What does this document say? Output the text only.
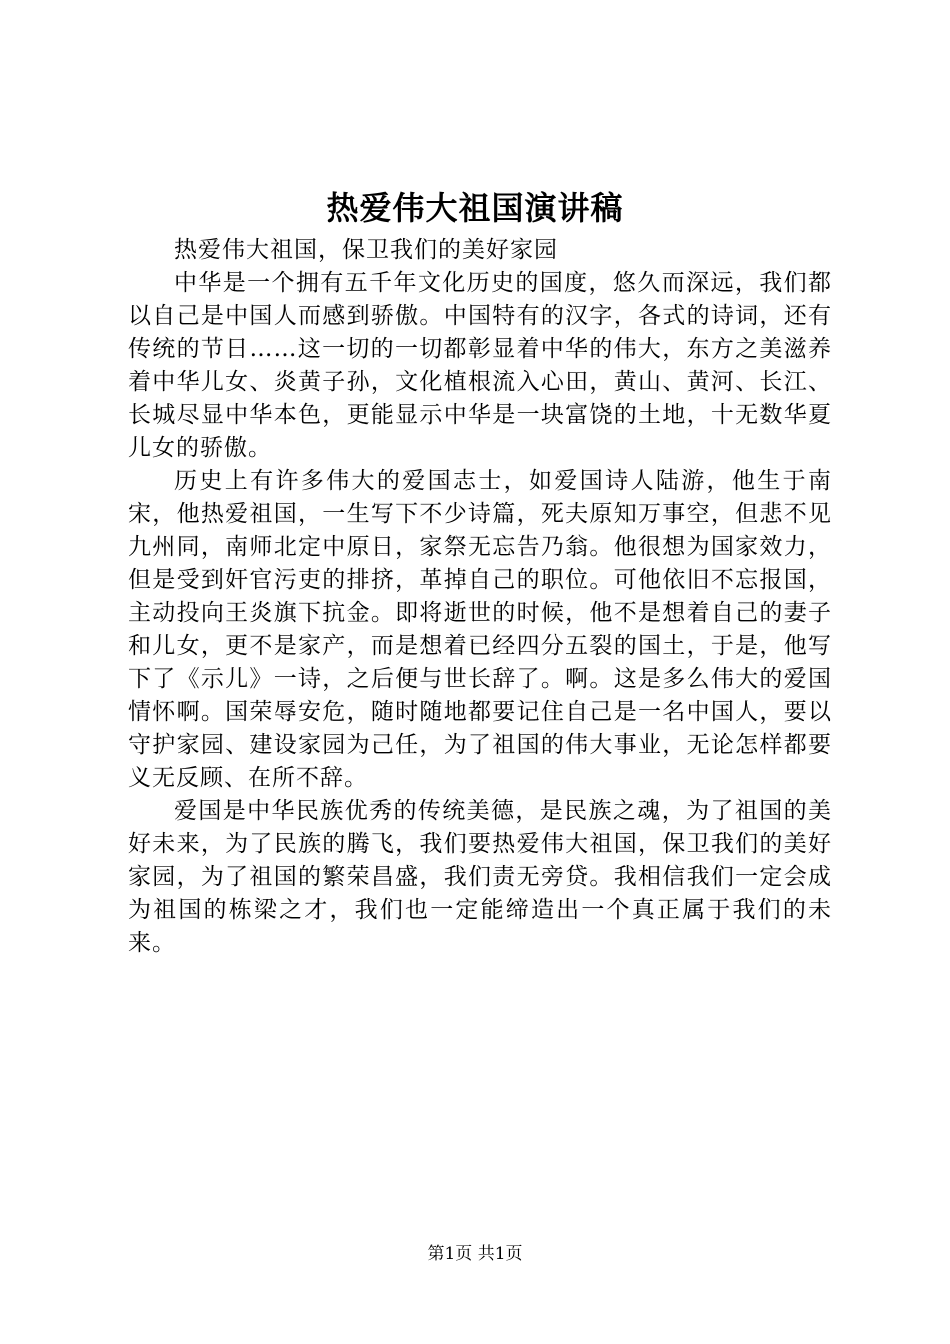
热爱伟大祖国演讲稿

热爱伟大祖国，保卫我们的美好家园

中华是一个拥有五千年文化历史的国度，悠久而深远，我们都以自己是中国人而感到骄傲。中国特有的汉字，各式的诗词，还有传统的节日……这一切的一切都彰显着中华的伟大，东方之美滋养着中华儿女、炎黄子孙，文化植根流入心田，黄山、黄河、长江、长城尽显中华本色，更能显示中华是一块富饶的土地，十无数华夏儿女的骄傲。

历史上有许多伟大的爱国志士，如爱国诗人陆游，他生于南宋，他热爱祖国，一生写下不少诗篇，死夫原知万事空，但悲不见九州同，南师北定中原日，家祭无忘告乃翁。他很想为国家效力，但是受到奸官污吏的排挤，革掉自己的职位。可他依旧不忘报国，主动投向王炎旗下抗金。即将逝世的时候，他不是想着自己的妻子和儿女，更不是家产，而是想着已经四分五裂的国土，于是，他写下了《示儿》一诗，之后便与世长辞了。啊。这是多么伟大的爱国情怀啊。国荣辱安危，随时随地都要记住自己是一名中国人，要以守护家园、建设家园为己任，为了祖国的伟大事业，无论怎样都要义无反顾、在所不辞。

爱国是中华民族优秀的传统美德，是民族之魂，为了祖国的美好未来，为了民族的腾飞，我们要热爱伟大祖国，保卫我们的美好家园，为了祖国的繁荣昌盛，我们责无旁贷。我相信我们一定会成为祖国的栋梁之才，我们也一定能缔造出一个真正属于我们的未来。

第1页 共1页
